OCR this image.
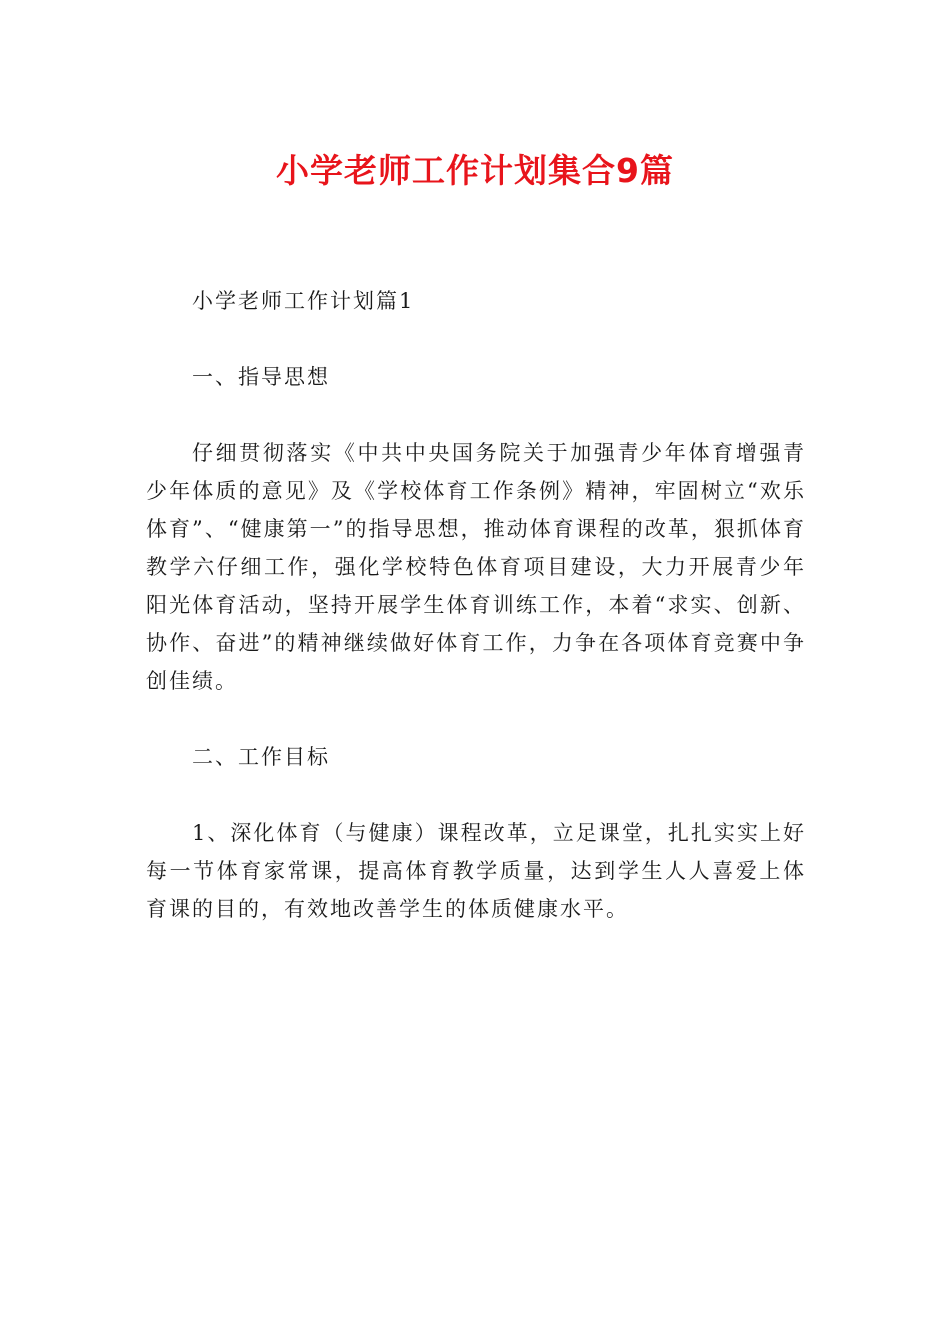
小学老师工作计划集合9篇

小学老师工作计划篇1

一、指导思想

仔细贯彻落实《中共中央国务院关于加强青少年体育增强青少年体质的意见》及《学校体育工作条例》精神，牢固树立“欢乐体育”、“健康第一”的指导思想，推动体育课程的改革，狠抓体育教学六仔细工作，强化学校特色体育项目建设，大力开展青少年阳光体育活动，坚持开展学生体育训练工作，本着“求实、创新、协作、奋进”的精神继续做好体育工作，力争在各项体育竞赛中争创佳绩。

二、工作目标

1、深化体育（与健康）课程改革，立足课堂，扎扎实实上好每一节体育家常课，提高体育教学质量，达到学生人人喜爱上体育课的目的，有效地改善学生的体质健康水平。
